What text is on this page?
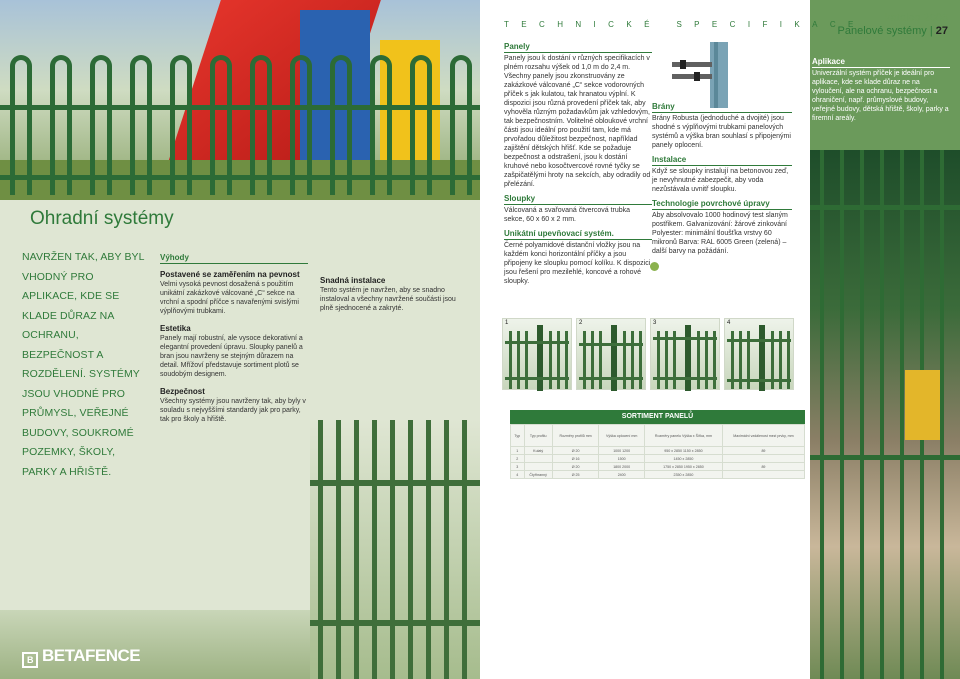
Ohradní systémy

NAVRŽEN TAK, ABY BYL VHODNÝ PRO APLIKACE, KDE SE KLADE DŮRAZ NA OCHRANU, BEZPEČNOST A ROZDĚLENÍ. SYSTÉMY JSOU VHODNÉ PRO PRŮMYSL, VEŘEJNÉ BUDOVY, SOUKROMÉ POZEMKY, ŠKOLY, PARKY A HŘIŠTĚ.

Výhody
Postavené se zaměřením na pevnost
Velmi vysoká pevnost dosažená s použitím unikátní zakázkové válcované „C“ sekce na vrchní a spodní příčce s navařenými svislými výplňovými trubkami.
Estetika
Panely mají robustní, ale vysoce dekorativní a elegantní provedení úpravu. Sloupky panelů a bran jsou navrženy se stejným důrazem na detail. Mřížoví představuje sortiment plotů se soudobým designem.
Bezpečnost
Všechny systémy jsou navrženy tak, aby byly v souladu s nejvyššími standardy jak pro parky, tak pro školy a hřiště.
Snadná instalace
Tento systém je navržen, aby se snadno instaloval a všechny navržené součásti jsou plně sjednocené a zakryté.
B BETAFENCE
TECHNICKÉ SPECIFIKACE
katalog 2006
Panelové systémy | 27
Aplikace
Univerzální systém příček je ideální pro aplikace, kde se klade důraz ne na vyloučení, ale na ochranu, bezpečnost a ohraničení, např. průmyslové budovy, veřejné budovy, dětská hřiště, školy, parky a firemní areály.
Panely
Panely jsou k dostání v různých specifikacích v plném rozsahu výšek od 1,0 m do 2,4 m. Všechny panely jsou zkonstruovány ze zakázkové válcované „C“ sekce vodorovných příček s jak kulatou, tak hranatou výplní. K dispozici jsou různá provedení příček tak, aby vyhověla různým požadavkům jak vzhledovým, tak bezpečnostním. Volitelné obloukové vrchní části jsou ideální pro použití tam, kde má prvořadou důležitost bezpečnost, například zajištění dětských hřišť. Kde se požaduje bezpečnost a odstrašení, jsou k dostání kruhové nebo kosočtvercové rovné tyčky se zašpičatělými hroty na sekcích, aby odradily od přelézání.
Sloupky
Válcovaná a svařovaná čtvercová trubka sekce, 60 x 60 x 2 mm.
Unikátní upevňovací systém.
Černé polyamidové distanční vložky jsou na každém konci horizontální příčky a jsou připojeny ke sloupku pomocí kolíku. K dispozici jsou řešení pro mezilehlé, koncové a rohové sloupky.
Brány
Brány Robusta (jednoduché a dvojité) jsou shodné s výplňovými trubkami panelových systémů a výška bran souhlasí s připojenými panely oplocení.
Instalace
Když se sloupky instalují na betonovou zeď, je nevyhnutné zabezpečit, aby voda nezůstávala uvnitř sloupku.
Technologie povrchové úpravy
Aby absolvovalo 1000 hodinový test slaným postřikem. Galvanizování: žárové zinkování Polyester: minimální tloušťka vrstvy 60 mikronů Barva: RAL 6005 Green (zelená) – další barvy na požádání.
1	2	3	4
SORTIMENT PANELŮ
Typ	Typ profilu	Rozměry profilů mm	Výška oplocení mm	Rozměry panelu Výška x Šířka, mm	Maximální vzdálenost mezi prvky, mm
1	Kulatý	Ø 20	1000 1200	950 x 2850 1150 x 2850	89
2		Ø 16	1500	1450 x 2850	
3		Ø 20	1800 2000	1750 x 2850 1950 x 2850	89
4	Čtyřhranný	Ø 25	2400	2350 x 2850	
